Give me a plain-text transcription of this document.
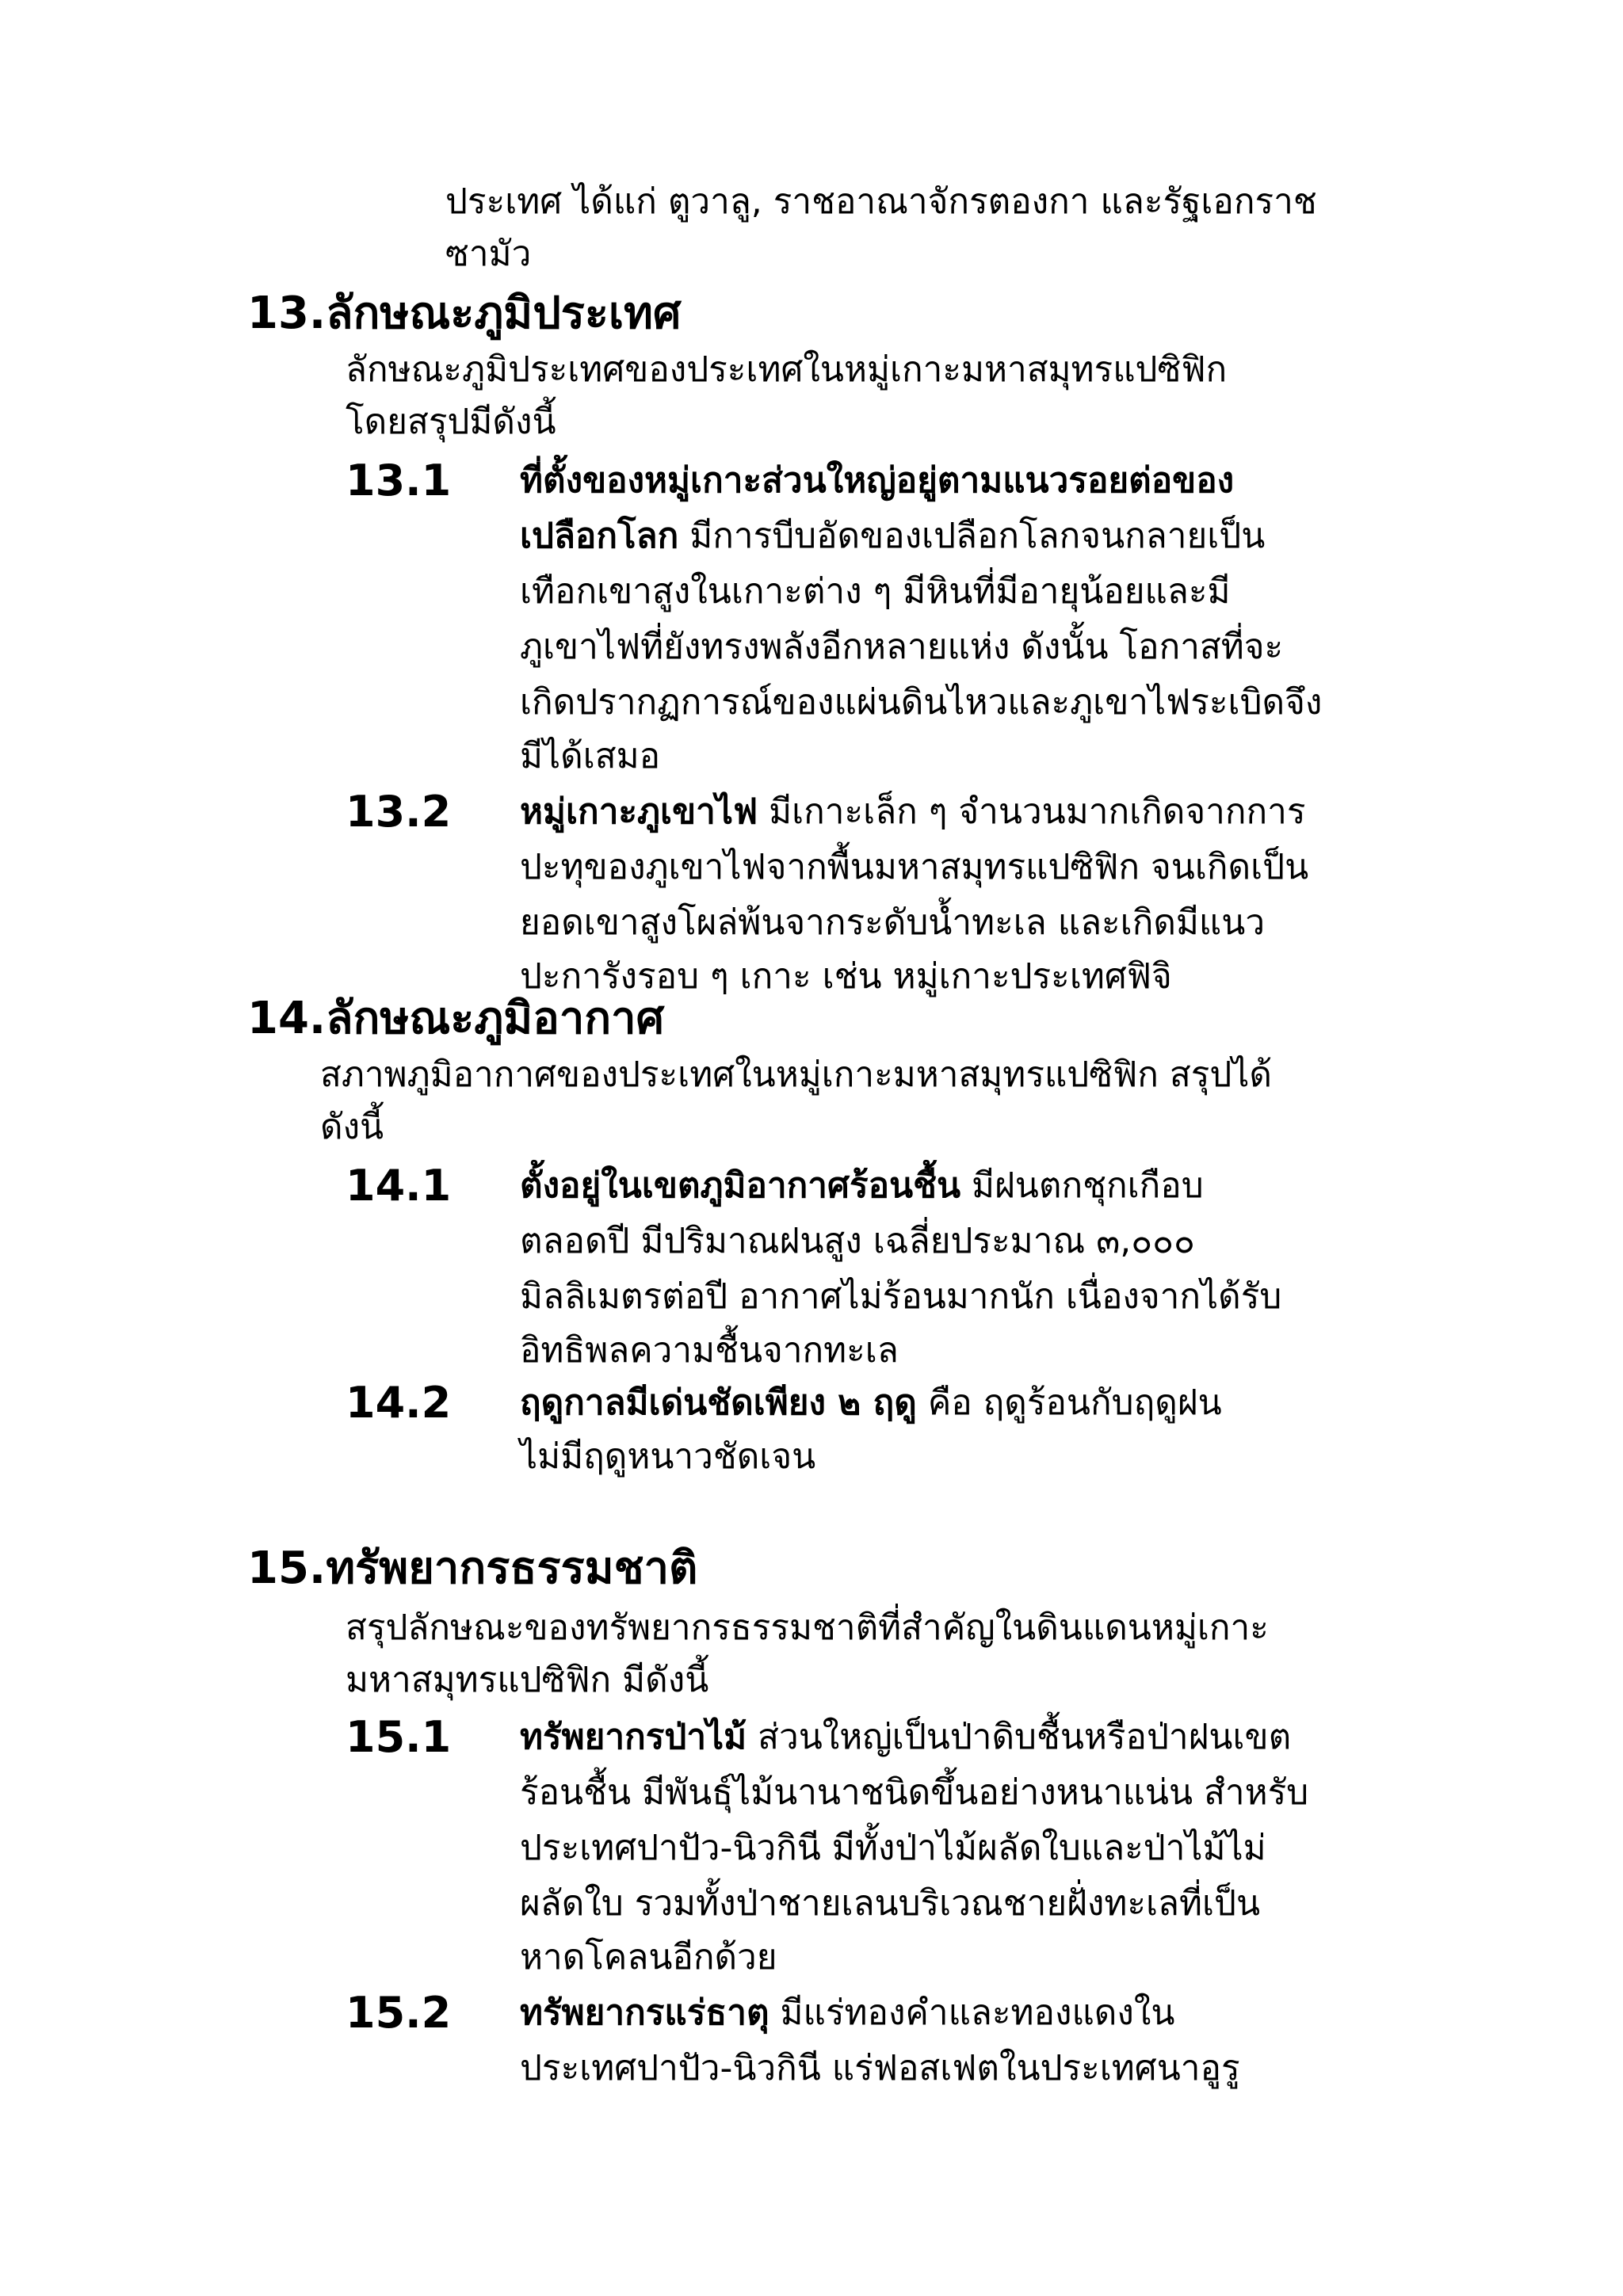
ประเทศ ได้แก่ ตูวาลู, ราชอาณาจักรตองกา และรัฐเอกราช
ซามัว
13.ลักษณะภูมิประเทศ
ลักษณะภูมิประเทศของประเทศในหมู่เกาะมหาสมุทรแปซิฟิก
โดยสรุปมีดังนี้
13.1 ที่ตั้งของหมู่เกาะส่วนใหญ่อยู่ตามแนวรอยต่อของ
เปลือกโลก มีการบีบอัดของเปลือกโลกจนกลายเป็น
เทือกเขาสูงในเกาะต่าง ๆ มีหินที่มีอายุน้อยและมี
ภูเขาไฟที่ยังทรงพลังอีกหลายแห่ง ดังนั้น โอกาสที่จะ
เกิดปรากฏการณ์ของแผ่นดินไหวและภูเขาไฟระเบิดจึง
มีได้เสมอ
13.2 หมู่เกาะภูเขาไฟ มีเกาะเล็ก ๆ จำนวนมากเกิดจากการ
ปะทุของภูเขาไฟจากพื้นมหาสมุทรแปซิฟิก จนเกิดเป็น
ยอดเขาสูงโผล่พ้นจากระดับน้ำทะเล และเกิดมีแนว
ปะการังรอบ ๆ เกาะ เช่น หมู่เกาะประเทศฟิจิ
14.ลักษณะภูมิอากาศ
สภาพภูมิอากาศของประเทศในหมู่เกาะมหาสมุทรแปซิฟิก สรุปได้
ดังนี้
14.1 ตั้งอยู่ในเขตภูมิอากาศร้อนชื้น มีฝนตกชุกเกือบ
ตลอดปี มีปริมาณฝนสูง เฉลี่ยประมาณ ๓,๐๐๐
มิลลิเมตรต่อปี อากาศไม่ร้อนมากนัก เนื่องจากได้รับ
อิทธิพลความชื้นจากทะเล
14.2 ฤดูกาลมีเด่นชัดเพียง ๒ ฤดู คือ ฤดูร้อนกับฤดูฝน
ไม่มีฤดูหนาวชัดเจน
15.ทรัพยากรธรรมชาติ
สรุปลักษณะของทรัพยากรธรรมชาติที่สำคัญในดินแดนหมู่เกาะ
มหาสมุทรแปซิฟิก มีดังนี้
15.1 ทรัพยากรป่าไม้ ส่วนใหญ่เป็นป่าดิบชื้นหรือป่าฝนเขต
ร้อนชื้น มีพันธุ์ไม้นานาชนิดขึ้นอย่างหนาแน่น สำหรับ
ประเทศปาปัว-นิวกินี มีทั้งป่าไม้ผลัดใบและป่าไม้ไม่
ผลัดใบ รวมทั้งป่าชายเลนบริเวณชายฝั่งทะเลที่เป็น
หาดโคลนอีกด้วย
15.2 ทรัพยากรแร่ธาตุ มีแร่ทองคำและทองแดงใน
ประเทศปาปัว-นิวกินี แร่ฟอสเฟตในประเทศนาอูรู
